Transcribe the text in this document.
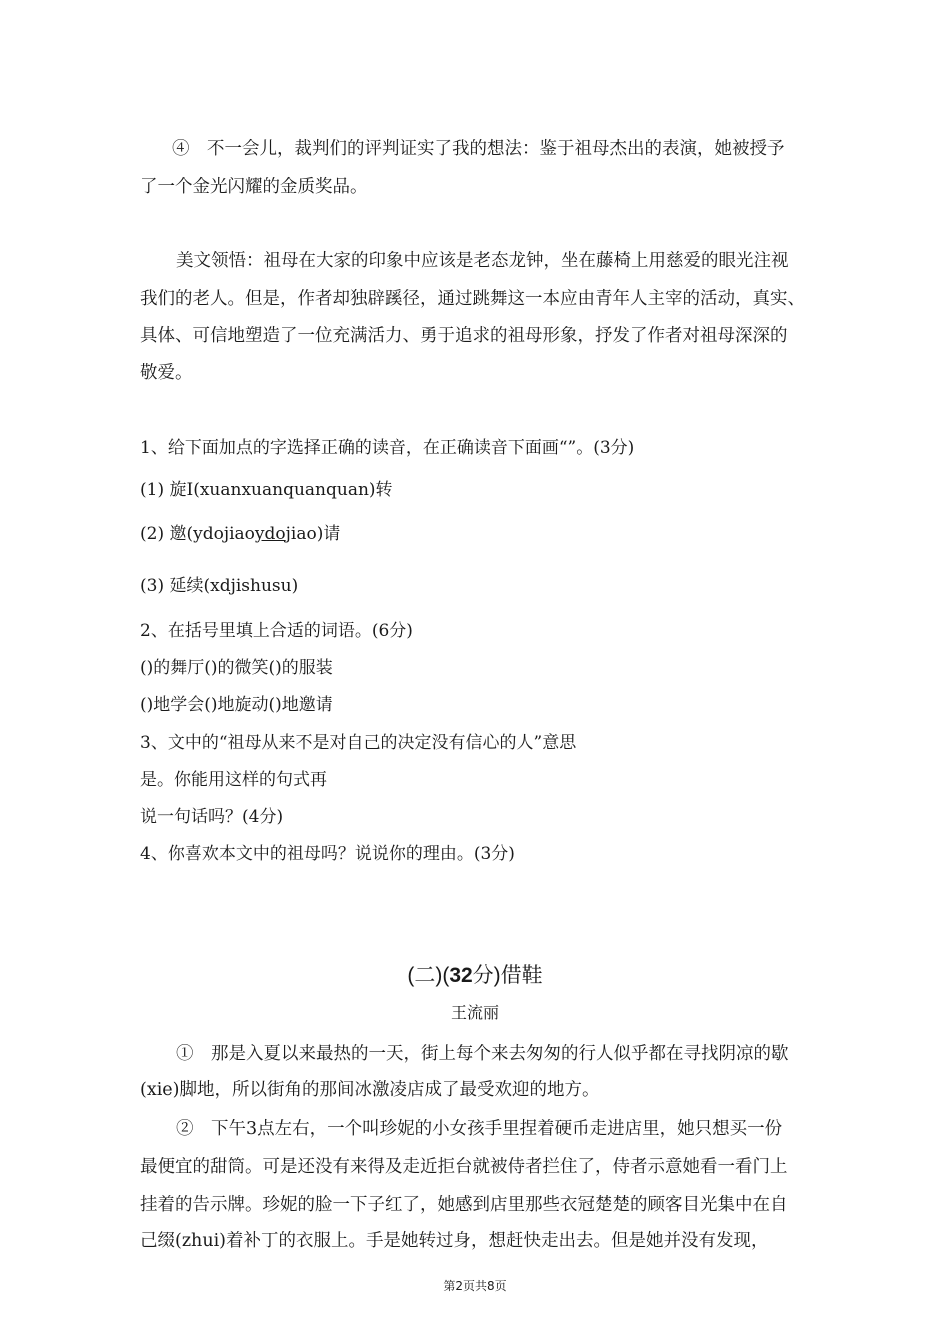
④　不一会儿，裁判们的评判证实了我的想法：鉴于祖母杰出的表演，她被授予
了一个金光闪耀的金质奖品。
美文领悟：祖母在大家的印象中应该是老态龙钟，坐在藤椅上用慈爱的眼光注视
我们的老人。但是，作者却独辟蹊径，通过跳舞这一本应由青年人主宰的活动，真实、
具体、可信地塑造了一位充满活力、勇于追求的祖母形象，抒发了作者对祖母深深的
敬爱。
1、给下面加点的字选择正确的读音，在正确读音下面画“”。(3分)
(1) 旋I(xuanxuanquanquan)转
(2) 邀(ydojiaoydojiao)请
(3) 延续(xdjishusu)
2、在括号里填上合适的词语。(6分)
()的舞厅()的微笑()的服装
()地学会()地旋动()地邀请
3、文中的“祖母从来不是对自己的决定没有信心的人”意思
是。你能用这样的句式再
说一句话吗？(4分)
4、你喜欢本文中的祖母吗？说说你的理由。(3分)
(二)(32分)借鞋
王流丽
①　那是入夏以来最热的一天，街上每个来去匆匆的行人似乎都在寻找阴凉的歇
(xie)脚地，所以街角的那间冰激凌店成了最受欢迎的地方。
②　下午3点左右，一个叫珍妮的小女孩手里捏着硬币走进店里，她只想买一份
最便宜的甜筒。可是还没有来得及走近拒台就被侍者拦住了，侍者示意她看一看门上
挂着的告示牌。珍妮的脸一下子红了，她感到店里那些衣冠楚楚的顾客目光集中在自
己缀(zhui)着补丁的衣服上。手是她转过身，想赶快走出去。但是她并没有发现，
第2页共8页
